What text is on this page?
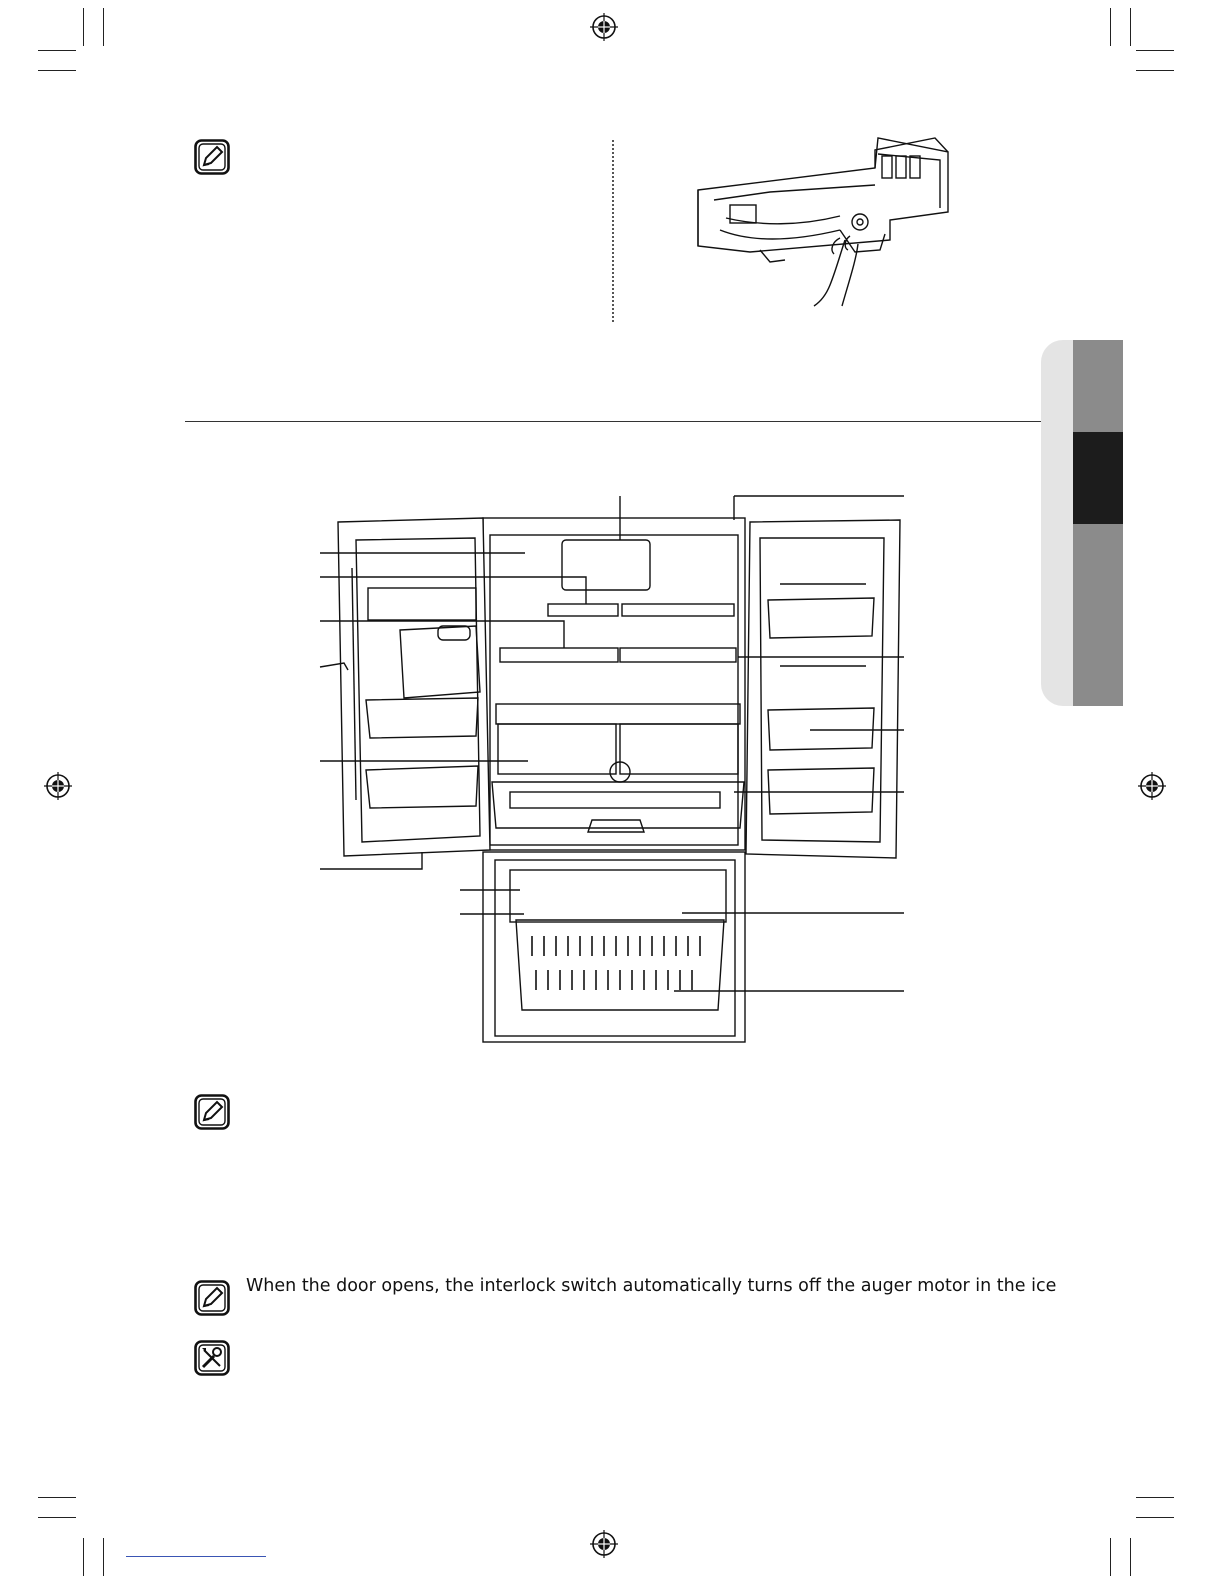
When the door opens, the interlock switch automatically turns off the auger motor in the ice
